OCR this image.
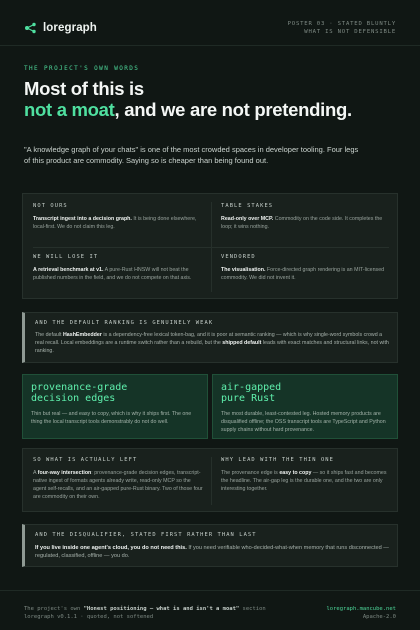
loregraph	POSTER 03 · STATED BLUNTLY
WHAT IS NOT DEFENSIBLE
THE PROJECT'S OWN WORDS
Most of this is
not a moat, and we are not pretending.

"A knowledge graph of your chats" is one of the most crowded spaces in developer tooling. Four legs of this product are commodity. Saying so is cheaper than being found out.

NOT OURS

Transcript ingest into a decision graph. It is being done elsewhere, local-first. We do not claim this leg.

TABLE STAKES

Read-only over MCP. Commodity on the code side. It completes the loop; it wins nothing.

WE WILL LOSE IT

A retrieval benchmark at v1. A pure-Rust HNSW will not beat the published numbers in the field, and we do not compete on that axis.

VENDORED

The visualisation. Force-directed graph rendering is an MIT-licensed commodity. We did not invent it.

AND THE DEFAULT RANKING IS GENUINELY WEAK

The default HashEmbedder is a dependency-free lexical token-bag, and it is poor at semantic ranking — which is why single-word symbols crowd a real recall. Local embeddings are a runtime switch rather than a rebuild, but the shipped default leads with exact matches and structural links, not with ranking.

provenance-grade
decision edges

Thin but real — and easy to copy, which is why it ships first. The one thing the local transcript tools demonstrably do not do well.

air-gapped
pure Rust

The most durable, least-contested leg. Hosted memory products are disqualified offline; the OSS transcript tools are TypeScript and Python supply chains without hard provenance.

SO WHAT IS ACTUALLY LEFT

A four-way intersection: provenance-grade decision edges, transcript-native ingest of formats agents already write, read-only MCP so the agent self-recalls, and an air-gapped pure-Rust binary. Two of those four are commodity on their own.

WHY LEAD WITH THE THIN ONE

The provenance edge is easy to copy — so it ships fast and becomes the headline. The air-gap leg is the durable one, and the two are only interesting together.

AND THE DISQUALIFIER, STATED FIRST RATHER THAN LAST

If you live inside one agent's cloud, you do not need this. If you need verifiable who-decided-what-when memory that runs disconnected — regulated, classified, offline — you do.

The project's own "Honest positioning — what is and isn't a moat" section
loregraph v0.1.1 · quoted, not softened
loregraph.mancube.net
Apache-2.0
